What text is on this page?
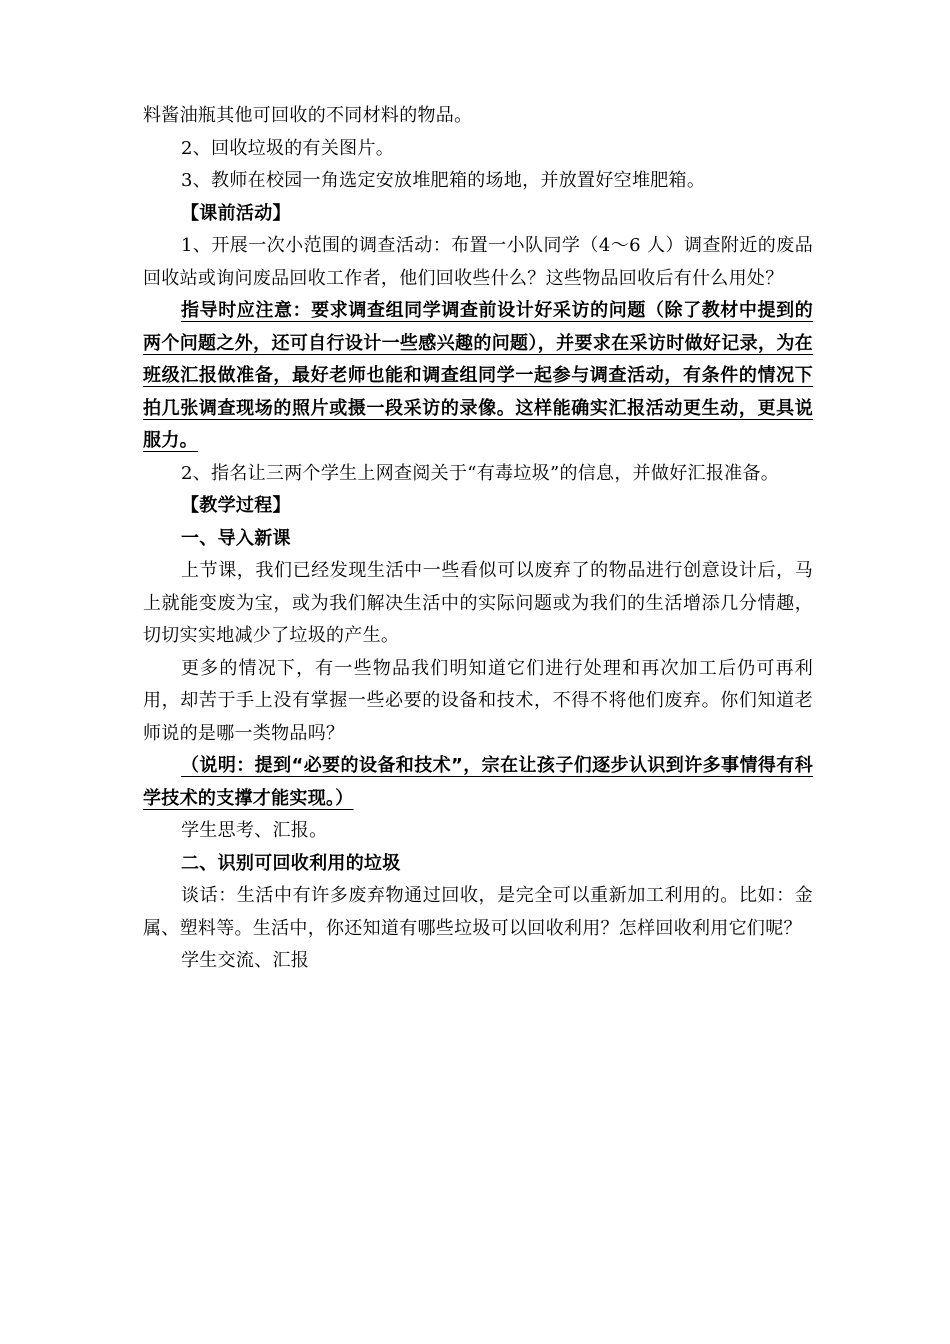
料酱油瓶其他可回收的不同材料的物品。

2、回收垃圾的有关图片。

3、教师在校园一角选定安放堆肥箱的场地，并放置好空堆肥箱。

【课前活动】

1、开展一次小范围的调查活动：布置一小队同学（4～6 人）调查附近的废品回收站或询问废品回收工作者，他们回收些什么？这些物品回收后有什么用处？

指导时应注意：要求调查组同学调查前设计好采访的问题（除了教材中提到的两个问题之外，还可自行设计一些感兴趣的问题），并要求在采访时做好记录，为在班级汇报做准备，最好老师也能和调查组同学一起参与调查活动，有条件的情况下拍几张调查现场的照片或摄一段采访的录像。这样能确实汇报活动更生动，更具说服力。

2、指名让三两个学生上网查阅关于“有毒垃圾”的信息，并做好汇报准备。

【教学过程】

一、导入新课

上节课，我们已经发现生活中一些看似可以废弃了的物品进行创意设计后，马上就能变废为宝，或为我们解决生活中的实际问题或为我们的生活增添几分情趣，切切实实地减少了垃圾的产生。

更多的情况下，有一些物品我们明知道它们进行处理和再次加工后仍可再利用，却苦于手上没有掌握一些必要的设备和技术，不得不将他们废弃。你们知道老师说的是哪一类物品吗？

（说明：提到“必要的设备和技术”，宗在让孩子们逐步认识到许多事情得有科学技术的支撑才能实现。）

学生思考、汇报。

二、识别可回收利用的垃圾

谈话：生活中有许多废弃物通过回收，是完全可以重新加工利用的。比如：金属、塑料等。生活中，你还知道有哪些垃圾可以回收利用？怎样回收利用它们呢？

学生交流、汇报
